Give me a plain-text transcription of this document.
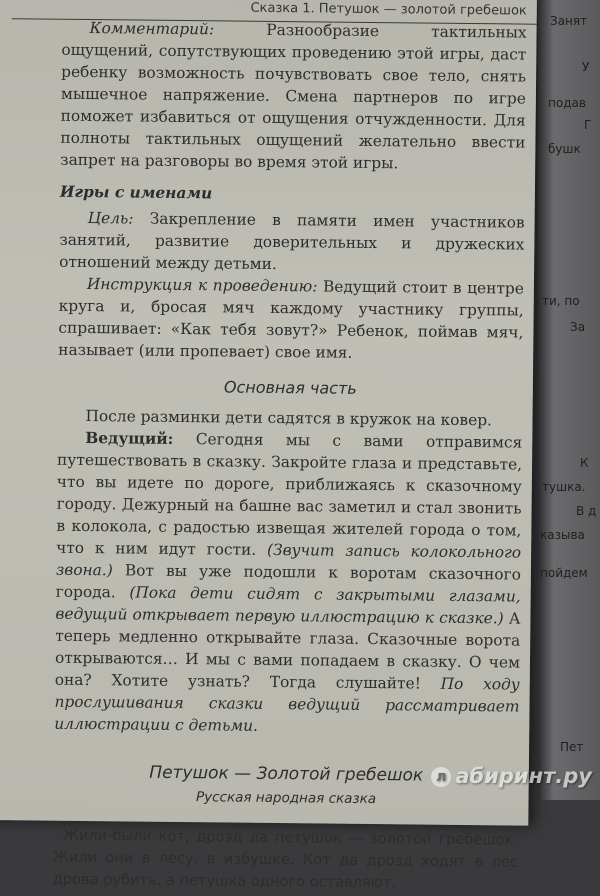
Сказка 1. Петушок — золотой гребешок

Комментарий: Разнообразие тактильных ощущений, сопутствующих проведению этой игры, даст ребенку возможность почувствовать свое тело, снять мышечное напряжение. Смена партнеров по игре поможет избавиться от ощущения отчужденности. Для полноты тактильных ощущений желательно ввести запрет на разговоры во время этой игры.

Игры с именами

Цель: Закрепление в памяти имен участников занятий, развитие доверительных и дружеских отношений между детьми.

Инструкция к проведению: Ведущий стоит в центре круга и, бросая мяч каждому участнику группы, спрашивает: «Как тебя зовут?» Ребенок, поймав мяч, называет (или пропевает) свое имя.

Основная часть

После разминки дети садятся в кружок на ковер.

Ведущий: Сегодня мы с вами отправимся путешествовать в сказку. Закройте глаза и представьте, что вы идете по дороге, приближаясь к сказочному городу. Дежурный на башне вас заметил и стал звонить в колокола, с радостью извещая жителей города о том, что к ним идут гости. (Звучит запись колокольного звона.) Вот вы уже подошли к воротам сказочного города. (Пока дети сидят с закрытыми глазами, ведущий открывает первую иллюстрацию к сказке.) А теперь медленно открывайте глаза. Сказочные ворота открываются… И мы с вами попадаем в сказку. О чем она? Хотите узнать? Тогда слушайте! По ходу прослушивания сказки ведущий рассматривает иллюстрации с детьми.

Петушок — Золотой гребешок

Русская народная сказка

Жили-были кот, дрозд да петушок — золотой гребешок. Жили они в лесу, в избушке. Кот да дрозд ходят в лес дрова рубить, а петушка одного оставляют.

Занят
У
подав
Г
бушк
ти, по
За
К
тушка.
В д
казыва
пойдем
Пет
л абиринт.ру
